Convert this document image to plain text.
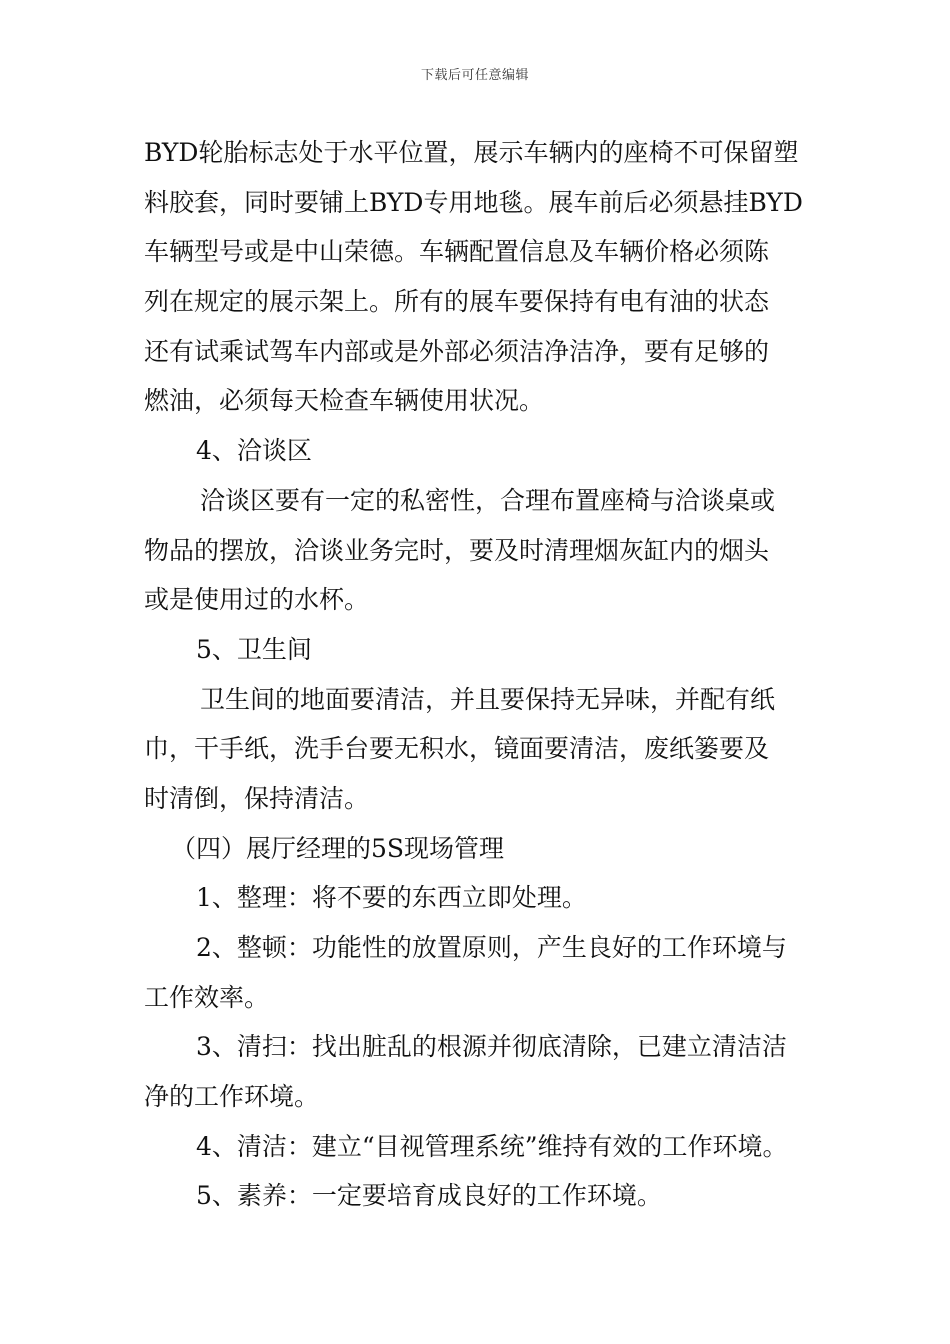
下载后可任意编辑
BYD轮胎标志处于水平位置，展示车辆内的座椅不可保留塑
料胶套，同时要铺上BYD专用地毯。展车前后必须悬挂BYD
车辆型号或是中山荣德。车辆配置信息及车辆价格必须陈
列在规定的展示架上。所有的展车要保持有电有油的状态
还有试乘试驾车内部或是外部必须洁净洁净，要有足够的
燃油，必须每天检查车辆使用状况。
4、洽谈区
洽谈区要有一定的私密性，合理布置座椅与洽谈桌或
物品的摆放，洽谈业务完时，要及时清理烟灰缸内的烟头
或是使用过的水杯。
5、卫生间
卫生间的地面要清洁，并且要保持无异味，并配有纸
巾，干手纸，洗手台要无积水，镜面要清洁，废纸篓要及
时清倒，保持清洁。
（四）展厅经理的5S现场管理
1、整理：将不要的东西立即处理。
2、整顿：功能性的放置原则，产生良好的工作环境与
工作效率。
3、清扫：找出脏乱的根源并彻底清除，已建立清洁洁
净的工作环境。
4、清洁：建立“目视管理系统”维持有效的工作环境。
5、素养：一定要培育成良好的工作环境。
